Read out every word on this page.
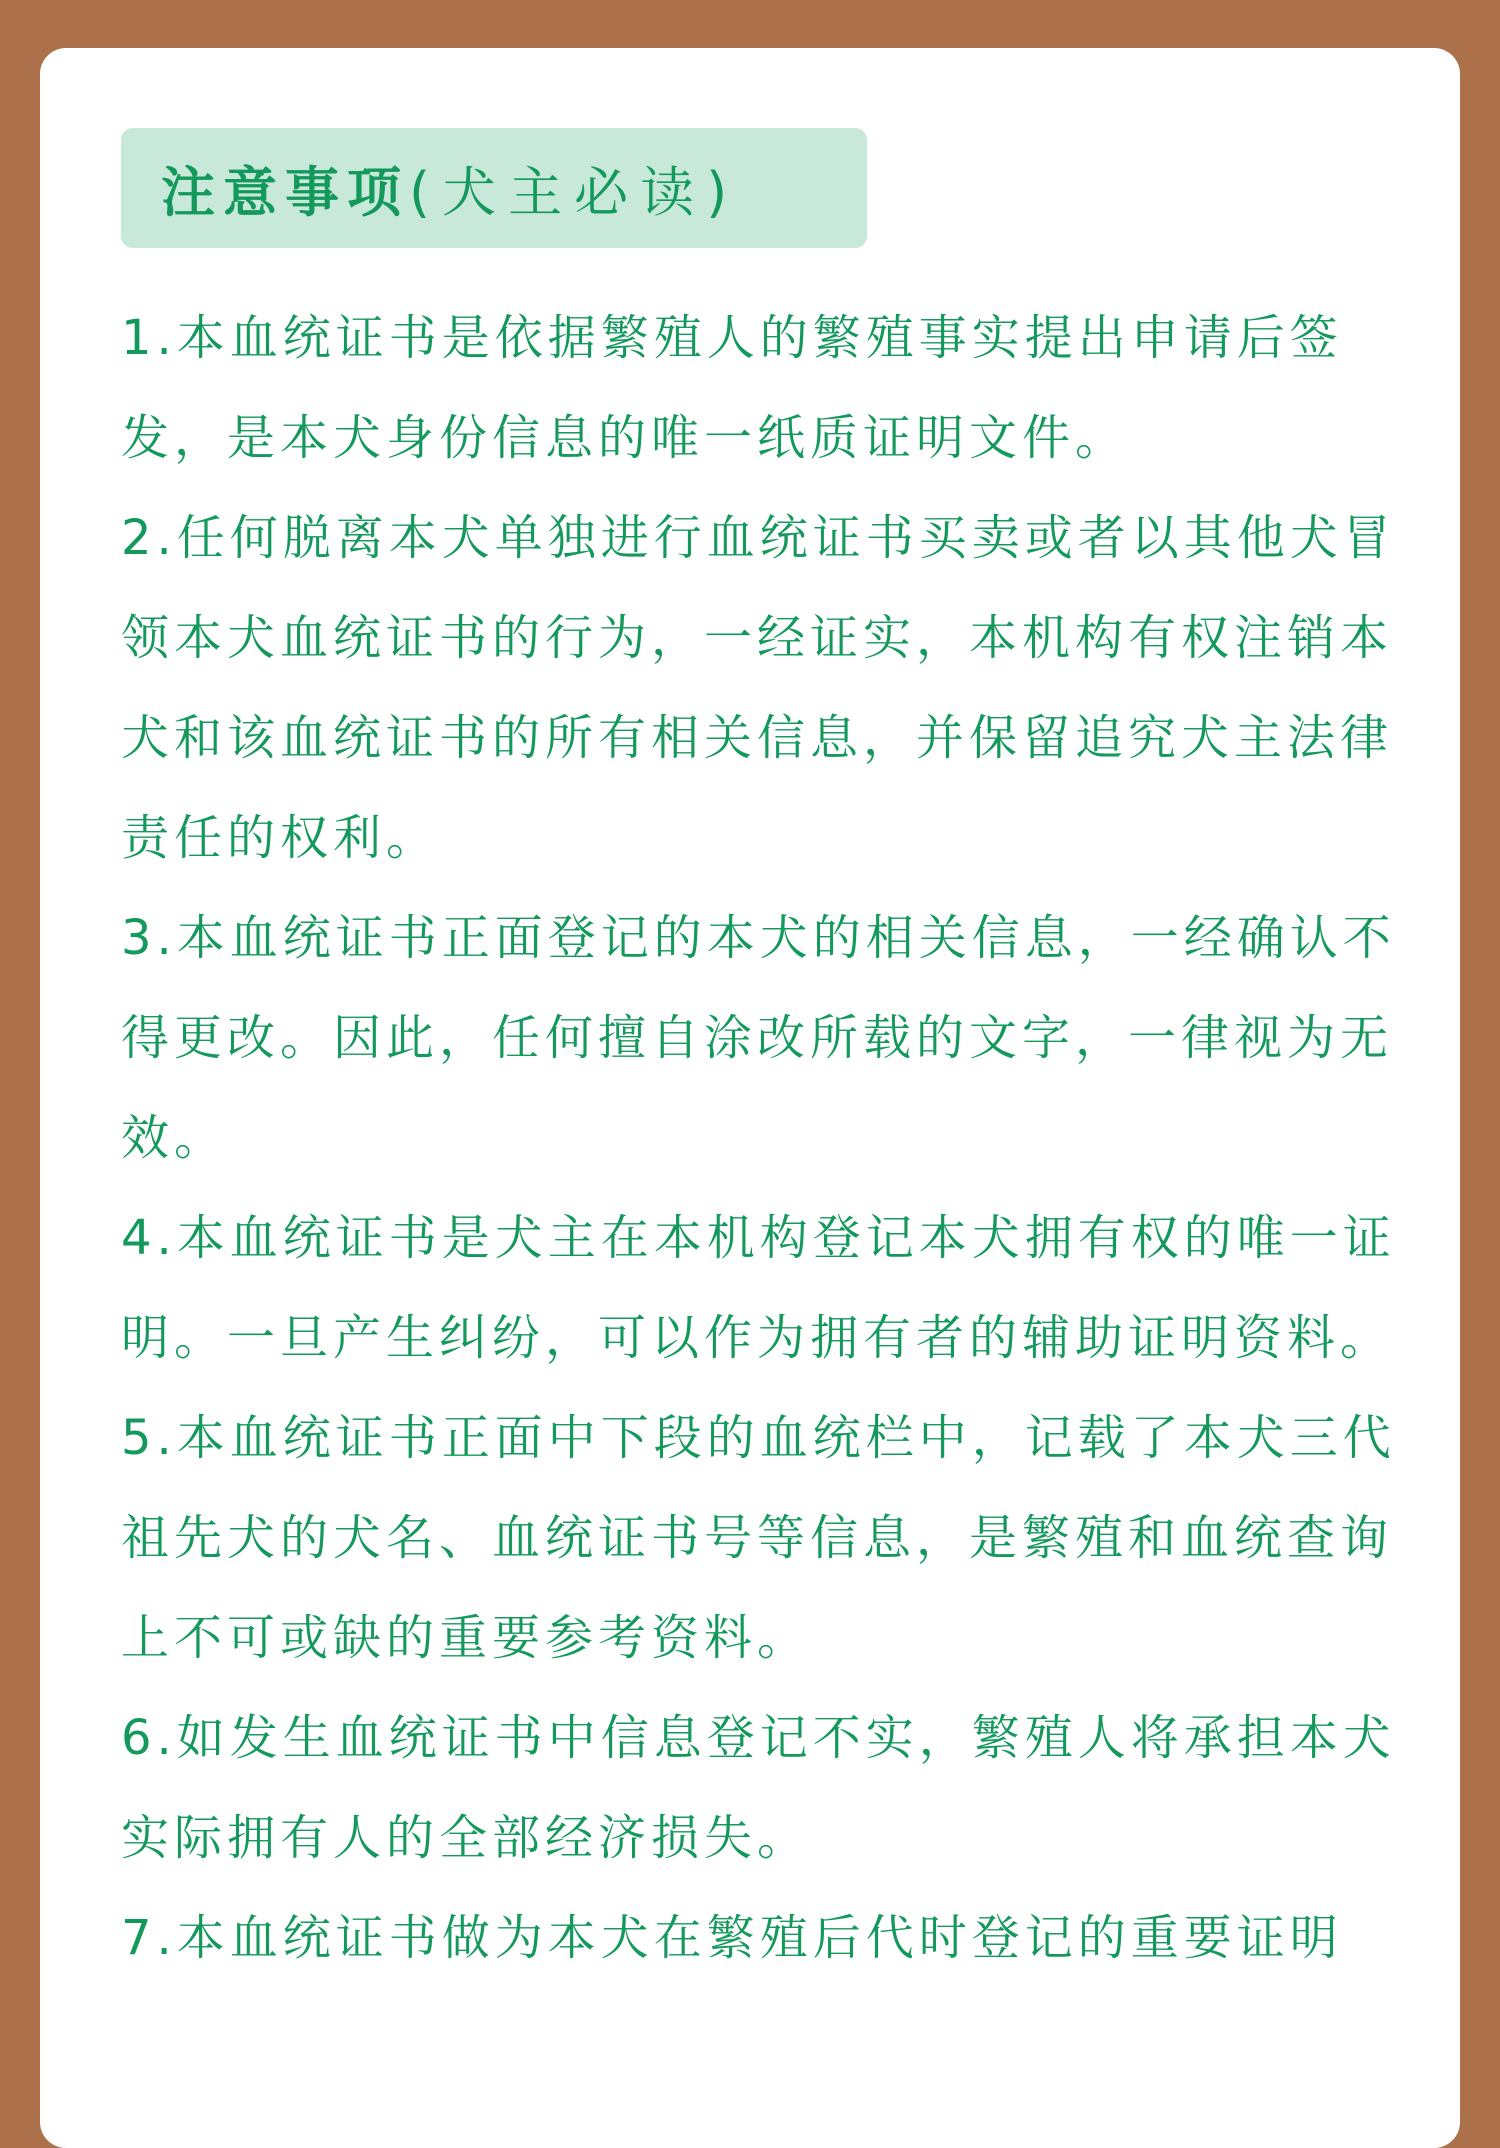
注意事项(犬主必读)

1.本血统证书是依据繁殖人的繁殖事实提出申请后签发，是本犬身份信息的唯一纸质证明文件。

2.任何脱离本犬单独进行血统证书买卖或者以其他犬冒领本犬血统证书的行为，一经证实，本机构有权注销本犬和该血统证书的所有相关信息，并保留追究犬主法律责任的权利。

3.本血统证书正面登记的本犬的相关信息，一经确认不得更改。因此，任何擅自涂改所载的文字，一律视为无效。

4.本血统证书是犬主在本机构登记本犬拥有权的唯一证明。一旦产生纠纷，可以作为拥有者的辅助证明资料。

5.本血统证书正面中下段的血统栏中，记载了本犬三代祖先犬的犬名、血统证书号等信息，是繁殖和血统查询上不可或缺的重要参考资料。

6.如发生血统证书中信息登记不实，繁殖人将承担本犬实际拥有人的全部经济损失。

7.本血统证书做为本犬在繁殖后代时登记的重要证明
